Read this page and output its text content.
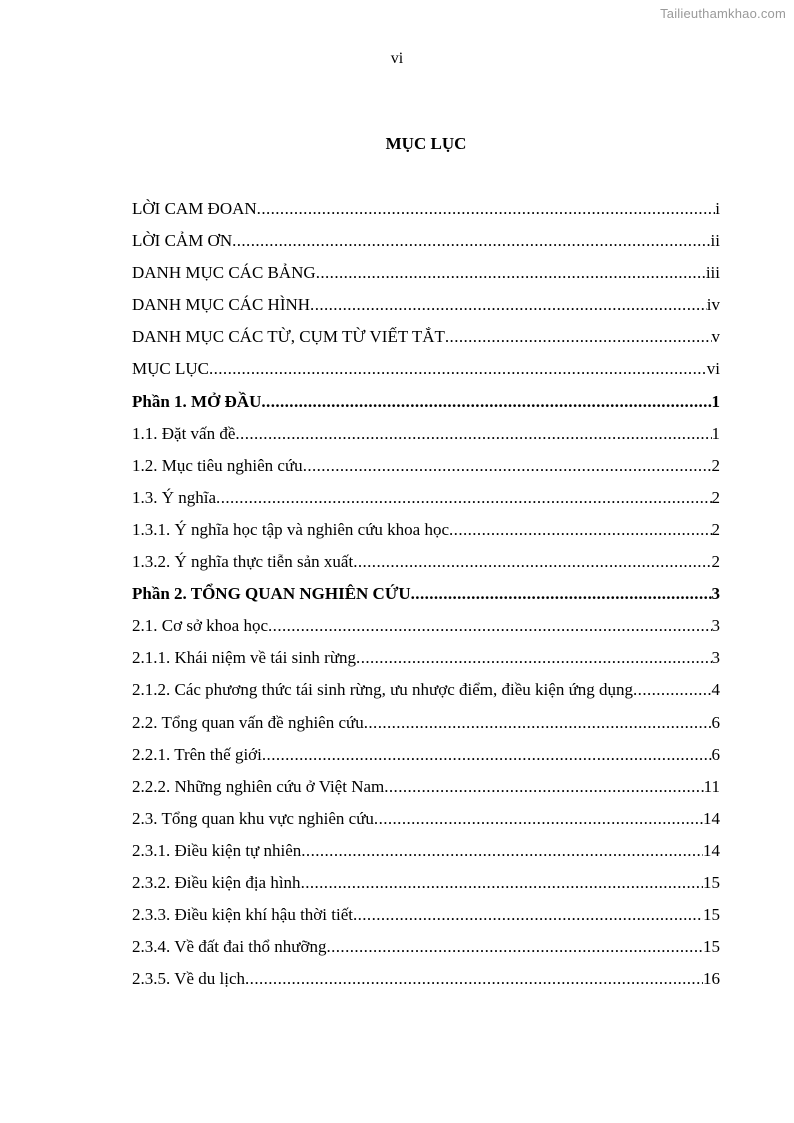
Tailieuthamkhao.com
vi
MỤC LỤC
LỜI CAM ĐOAN .....	i
LỜI CẢM ƠN .....	ii
DANH MỤC CÁC BẢNG .....	iii
DANH MỤC CÁC HÌNH .....	iv
DANH MỤC CÁC TỪ, CỤM TỪ VIẾT TẮT .....	v
MỤC LỤC .....	vi
Phần 1. MỞ ĐẦU .....	1
1.1. Đặt vấn đề .....	1
1.2. Mục tiêu nghiên cứu .....	2
1.3. Ý nghĩa .....	2
1.3.1. Ý nghĩa học tập và nghiên cứu khoa học .....	2
1.3.2. Ý nghĩa thực tiễn sản xuất .....	2
Phần 2. TỔNG QUAN NGHIÊN CỨU .....	3
2.1. Cơ sở khoa học .....	3
2.1.1. Khái niệm về tái sinh rừng .....	3
2.1.2. Các phương thức tái sinh rừng, ưu nhược điểm, điều kiện ứng dụng .....	4
2.2. Tổng quan vấn đề nghiên cứu .....	6
2.2.1. Trên thế giới .....	6
2.2.2. Những nghiên cứu ở Việt Nam .....	11
2.3. Tổng quan khu vực nghiên cứu .....	14
2.3.1. Điều kiện tự nhiên .....	14
2.3.2. Điều kiện địa hình .....	15
2.3.3. Điều kiện khí hậu thời tiết .....	15
2.3.4. Về đất đai thổ nhưỡng .....	15
2.3.5. Về du lịch .....	16
